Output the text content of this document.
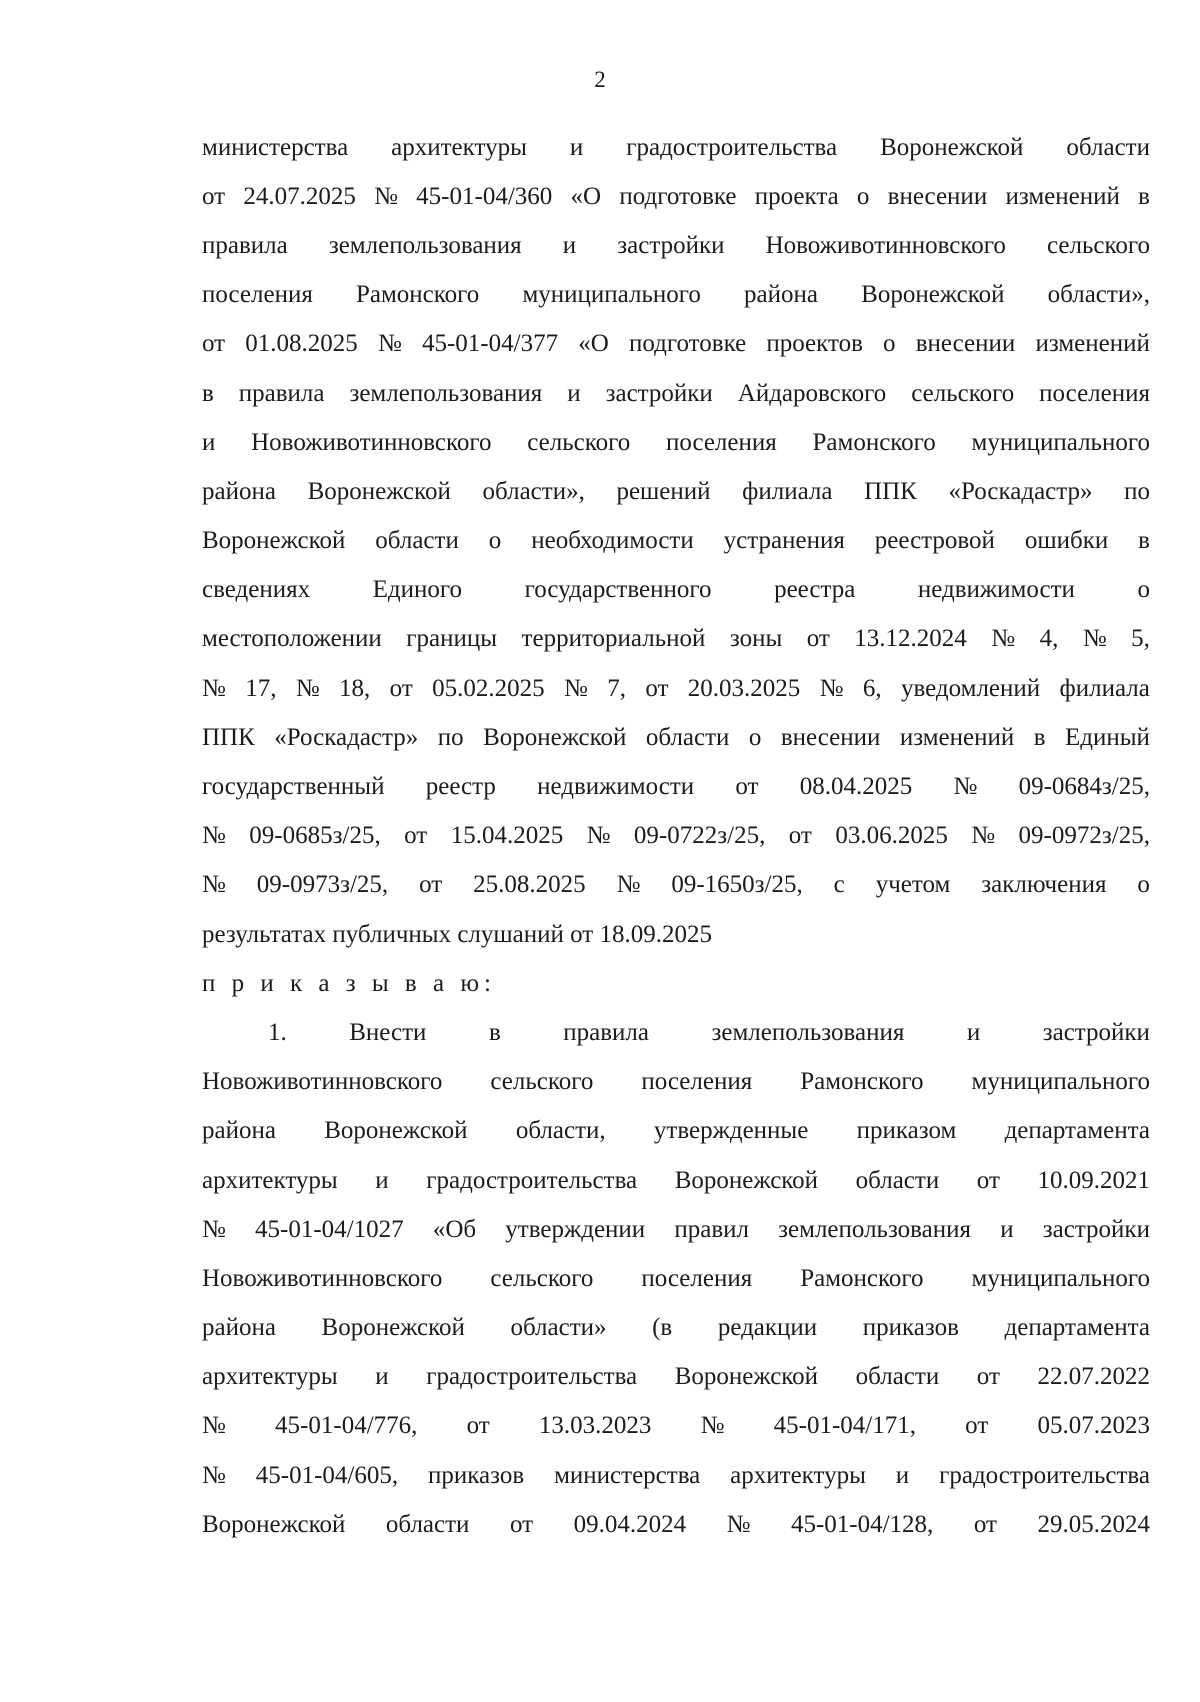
2
министерства архитектуры и градостроительства Воронежской области
от 24.07.2025 № 45-01-04/360 «О подготовке проекта о внесении изменений в
правила землепользования и застройки Новоживотинновского сельского
поселения Рамонского муниципального района Воронежской области»,
от 01.08.2025 № 45-01-04/377 «О подготовке проектов о внесении изменений
в правила землепользования и застройки Айдаровского сельского поселения
и Новоживотинновского сельского поселения Рамонского муниципального
района Воронежской области», решений филиала ППК «Роскадастр» по
Воронежской области о необходимости устранения реестровой ошибки в
сведениях	Единого	государственного	реестра	недвижимости	о
местоположении границы территориальной зоны от 13.12.2024 № 4, № 5,
№ 17, № 18, от 05.02.2025 № 7, от 20.03.2025 № 6, уведомлений филиала
ППК «Роскадастр» по Воронежской области о внесении изменений в Единый
государственный реестр недвижимости от 08.04.2025 № 09-0684з/25,
№ 09-0685з/25, от 15.04.2025 № 09-0722з/25, от 03.06.2025 № 09-0972з/25,
№ 09-0973з/25, от 25.08.2025 № 09-1650з/25, с учетом заключения о
результатах публичных слушаний от 18.09.2025
п р и к а з ы в а ю:
1.	Внести	в	правила	землепользования	и	застройки
Новоживотинновского сельского поселения Рамонского муниципального
района Воронежской области, утвержденные приказом департамента
архитектуры и градостроительства Воронежской области от 10.09.2021
№ 45-01-04/1027 «Об утверждении правил землепользования и застройки
Новоживотинновского сельского поселения Рамонского муниципального
района Воронежской области» (в редакции приказов департамента
архитектуры и градостроительства Воронежской области от 22.07.2022
№ 45-01-04/776, от 13.03.2023 № 45-01-04/171, от 05.07.2023
№ 45-01-04/605, приказов министерства архитектуры и градостроительства
Воронежской области от 09.04.2024 № 45-01-04/128, от 29.05.2024
